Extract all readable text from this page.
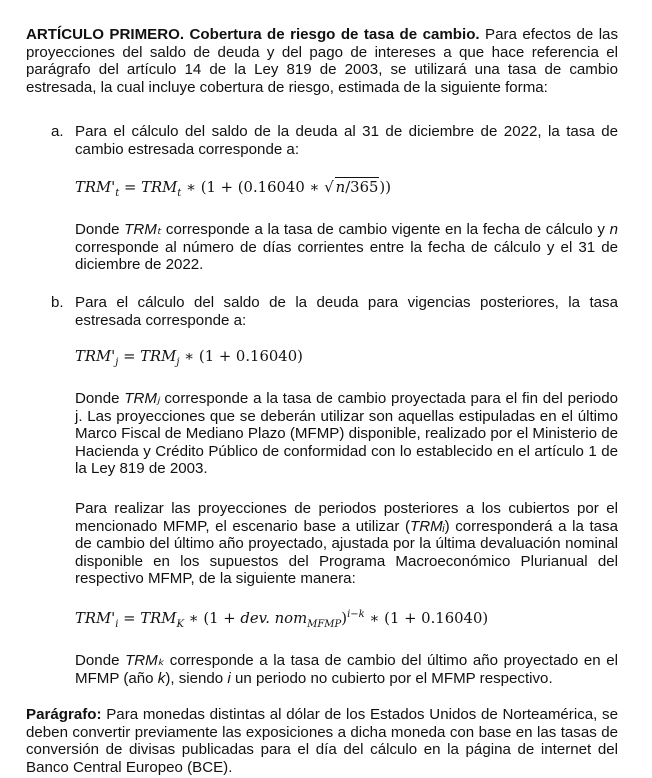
ARTÍCULO PRIMERO. Cobertura de riesgo de tasa de cambio. Para efectos de las proyecciones del saldo de deuda y del pago de intereses a que hace referencia el parágrafo del artículo 14 de la Ley 819 de 2003, se utilizará una tasa de cambio estresada, la cual incluye cobertura de riesgo, estimada de la siguiente forma:
a. Para el cálculo del saldo de la deuda al 31 de diciembre de 2022, la tasa de cambio estresada corresponde a:
$TRM'_t = TRM_t$ ∗ (1 + (0.16040 ∗ √ n/365))
Donde TRMₜ corresponde a la tasa de cambio vigente en la fecha de cálculo y n corresponde al número de días corrientes entre la fecha de cálculo y el 31 de diciembre de 2022.
b. Para el cálculo del saldo de la deuda para vigencias posteriores, la tasa estresada corresponde a:
$TRM'_j = TRM_j$ ∗ (1 + 0.16040)
Donde TRMⱼ corresponde a la tasa de cambio proyectada para el fin del periodo j. Las proyecciones que se deberán utilizar son aquellas estipuladas en el último Marco Fiscal de Mediano Plazo (MFMP) disponible, realizado por el Ministerio de Hacienda y Crédito Público de conformidad con lo establecido en el artículo 1 de la Ley 819 de 2003.
Para realizar las proyecciones de periodos posteriores a los cubiertos por el mencionado MFMP, el escenario base a utilizar (TRMᵢ) corresponderá a la tasa de cambio del último año proyectado, ajustada por la última devaluación nominal disponible en los supuestos del Programa Macroeconómico Plurianual del respectivo MFMP, de la siguiente manera:
$TRM'_i = TRM_K$ ∗ (1 + dev. nom$_{MFMP}$)$^{i-k}$ ∗ (1 + 0.16040)
Donde TRMₖ corresponde a la tasa de cambio del último año proyectado en el MFMP (año k), siendo i un periodo no cubierto por el MFMP respectivo.
Parágrafo: Para monedas distintas al dólar de los Estados Unidos de Norteamérica, se deben convertir previamente las exposiciones a dicha moneda con base en las tasas de conversión de divisas publicadas para el día del cálculo en la página de internet del Banco Central Europeo (BCE).
